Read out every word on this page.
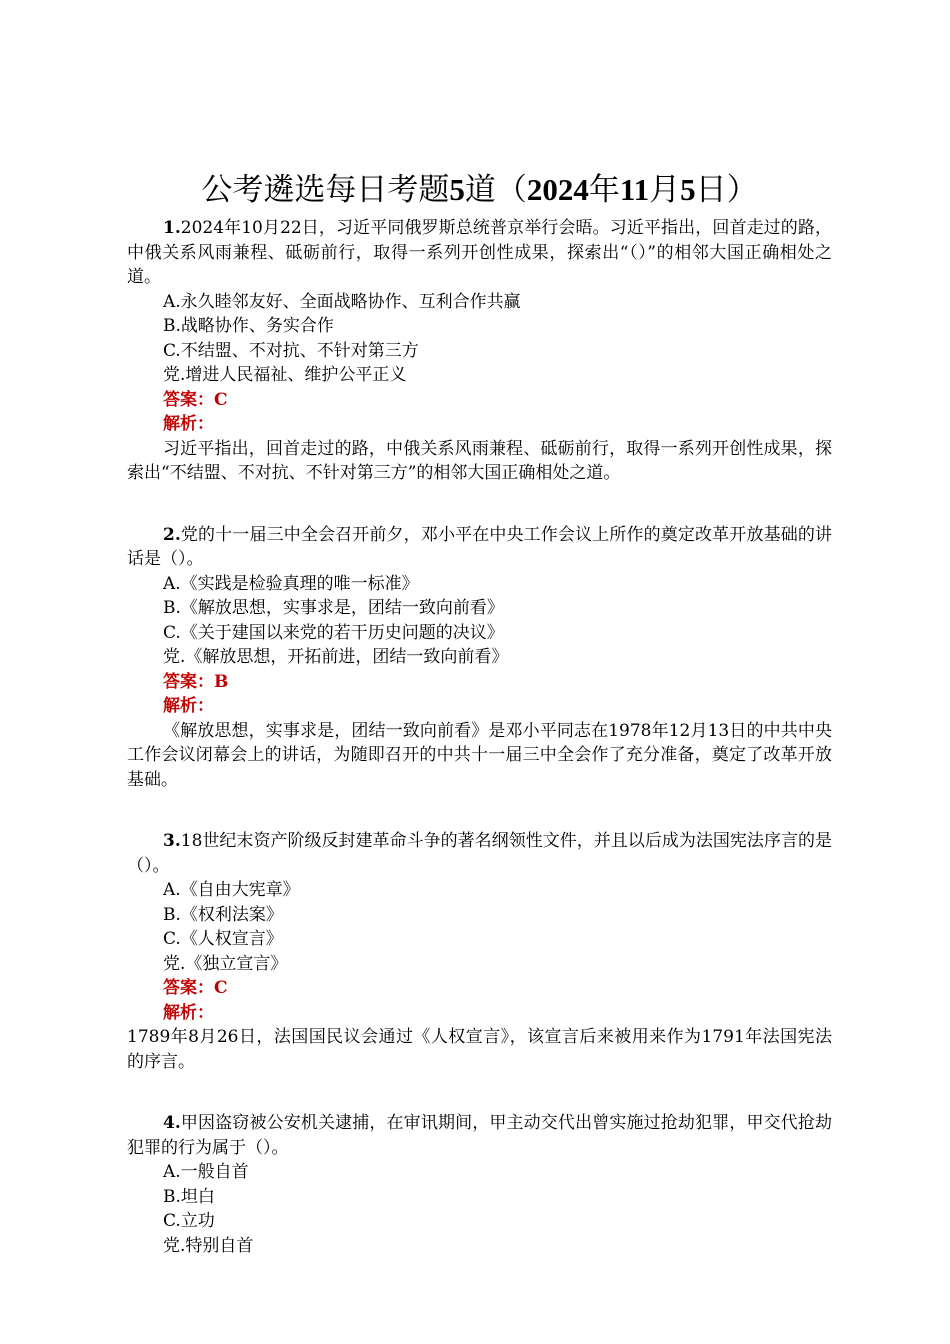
公考遴选每日考题5道（2024年11月5日）
1.2024年10月22日，习近平同俄罗斯总统普京举行会晤。习近平指出，回首走过的路，中俄关系风雨兼程、砥砺前行，取得一系列开创性成果，探索出“（）”的相邻大国正确相处之道。
A.永久睦邻友好、全面战略协作、互利合作共赢
B.战略协作、务实合作
C.不结盟、不对抗、不针对第三方
党.增进人民福祉、维护公平正义
答案：C
解析：
习近平指出，回首走过的路，中俄关系风雨兼程、砥砺前行，取得一系列开创性成果，探索出“不结盟、不对抗、不针对第三方”的相邻大国正确相处之道。
2.党的十一届三中全会召开前夕，邓小平在中央工作会议上所作的奠定改革开放基础的讲话是（）。
A.《实践是检验真理的唯一标准》
B.《解放思想，实事求是，团结一致向前看》
C.《关于建国以来党的若干历史问题的决议》
党.《解放思想，开拓前进，团结一致向前看》
答案：B
解析：
《解放思想，实事求是，团结一致向前看》是邓小平同志在1978年12月13日的中共中央工作会议闭幕会上的讲话，为随即召开的中共十一届三中全会作了充分准备，奠定了改革开放基础。
3.18世纪末资产阶级反封建革命斗争的著名纲领性文件，并且以后成为法国宪法序言的是（）。
A.《自由大宪章》
B.《权利法案》
C.《人权宣言》
党.《独立宣言》
答案：C
解析：
1789年8月26日，法国国民议会通过《人权宣言》，该宣言后来被用来作为1791年法国宪法的序言。
4.甲因盗窃被公安机关逮捕，在审讯期间，甲主动交代出曾实施过抢劫犯罪，甲交代抢劫犯罪的行为属于（）。
A.一般自首
B.坦白
C.立功
党.特别自首
